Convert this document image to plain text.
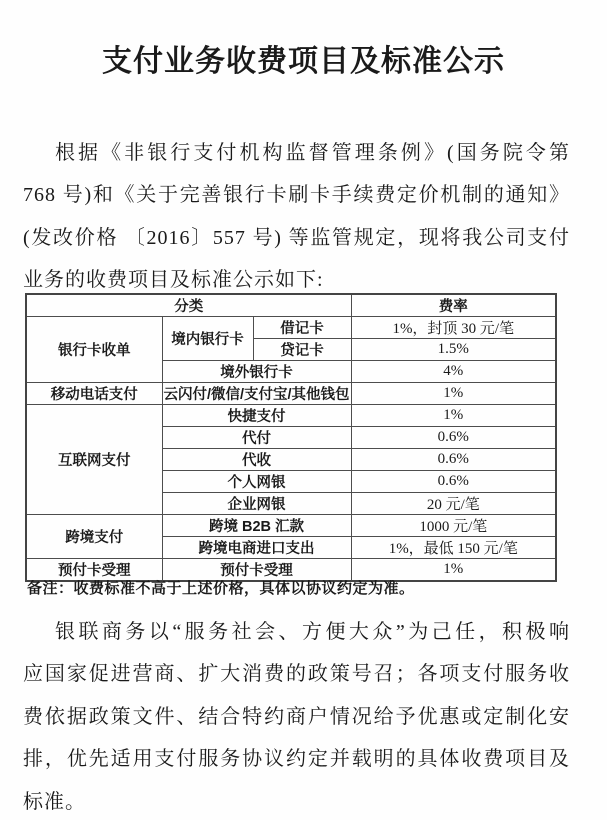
支付业务收费项目及标准公示
根据《非银行支付机构监督管理条例》(国务院令第
768 号)和《关于完善银行卡刷卡手续费定价机制的通知》
(发改价格 〔2016〕557 号) 等监管规定，现将我公司支付
业务的收费项目及标准公示如下:
分类			费率
银行卡收单	境内银行卡	借记卡	1%，封顶 30 元/笔
		贷记卡	1.5%
	境外银行卡		4%
移动电话支付	云闪付/微信/支付宝/其他钱包		1%
互联网支付	快捷支付		1%
	代付		0.6%
	代收		0.6%
	个人网银		0.6%
	企业网银		20 元/笔
跨境支付	跨境 B2B 汇款		1000 元/笔
	跨境电商进口支出		1%，最低 150 元/笔
预付卡受理	预付卡受理		1%
备注：收费标准不高于上述价格，具体以协议约定为准。
银联商务以“服务社会、方便大众”为己任，积极响
应国家促进营商、扩大消费的政策号召；各项支付服务收
费依据政策文件、结合特约商户情况给予优惠或定制化安
排，优先适用支付服务协议约定并载明的具体收费项目及
标准。
